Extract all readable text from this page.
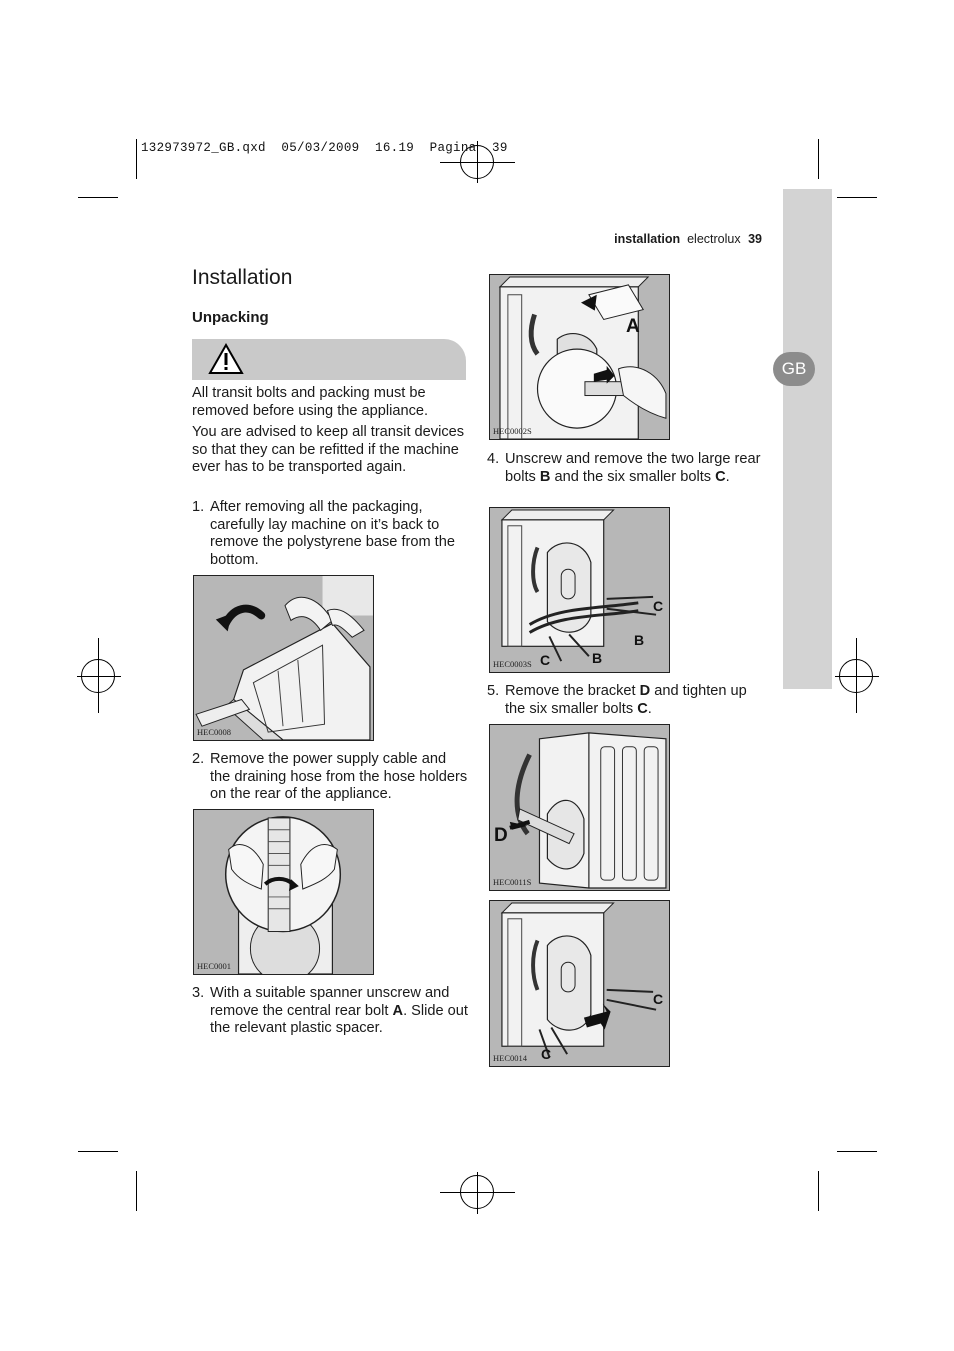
132973972_GB.qxd  05/03/2009  16.19  Pagina  39
GB
installation electrolux 39
Installation
Unpacking

All transit bolts and packing must be removed before using the appliance.

You are advised to keep all transit devices so that they can be refitted if the machine ever has to be transported again.

1. After removing all the packaging, carefully lay machine on it’s back to remove the polystyrene base from the bottom.
HEC0008
2. Remove the power supply cable and the draining hose from the hose holders on the rear of the appliance.
HEC0001
3. With a suitable spanner unscrew and remove the central rear bolt A. Slide out the relevant plastic spacer.
A
HEC0002S
4. Unscrew and remove the two large rear bolts B and the six smaller bolts C.
C
B
C	B
HEC0003S
5. Remove the bracket D and tighten up the six smaller bolts C.
D
HEC0011S
C
C
HEC0014
